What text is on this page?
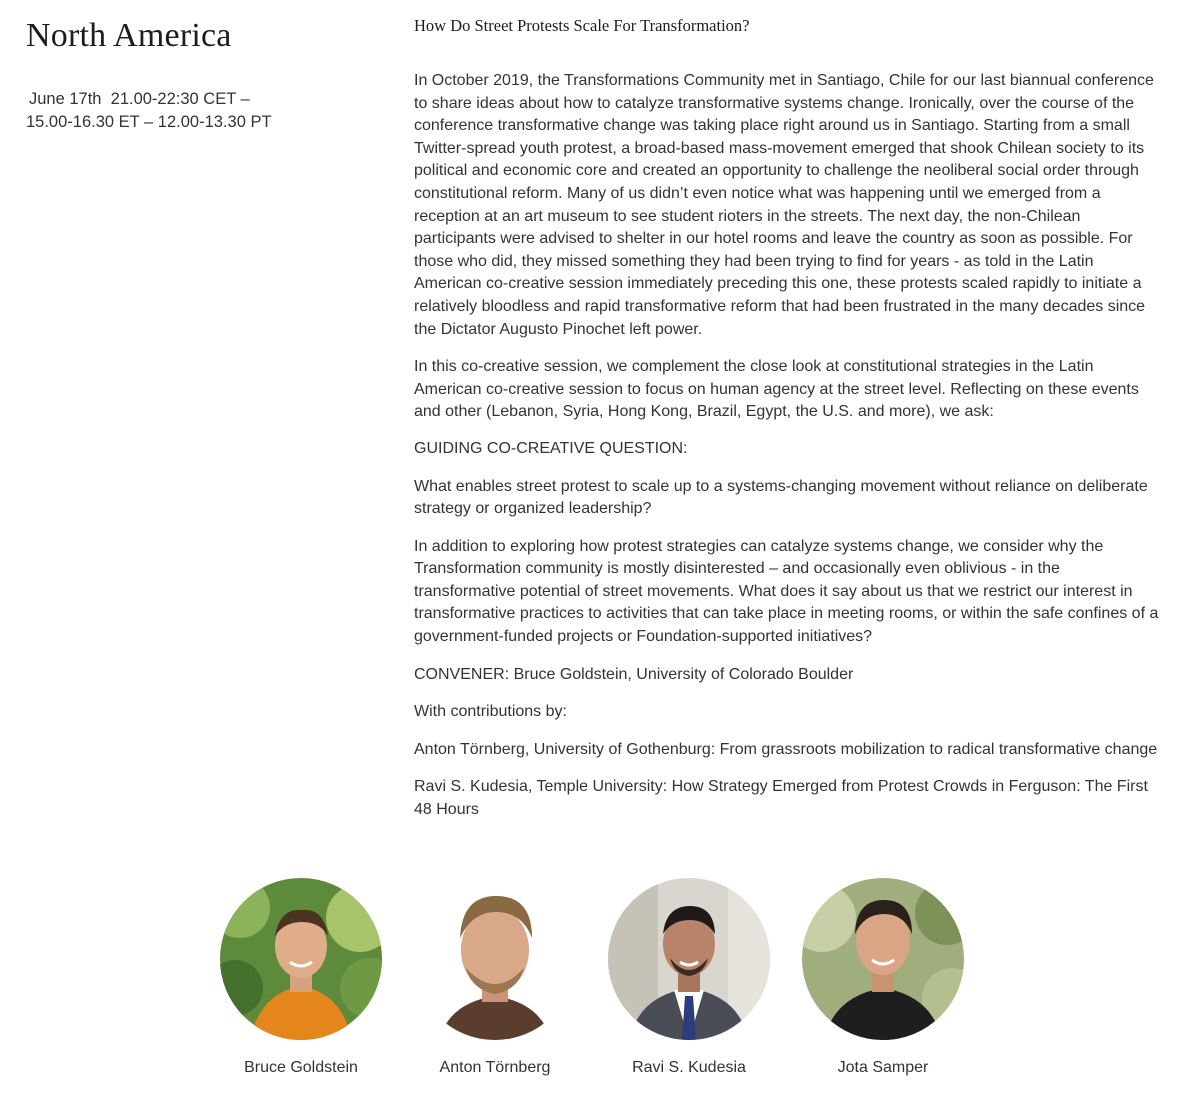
North America
June 17th  21.00-22:30 CET –
15.00-16.30 ET – 12.00-13.30 PT
How Do Street Protests Scale For Transformation?

In October 2019, the Transformations Community met in Santiago, Chile for our last biannual conference to share ideas about how to catalyze transformative systems change. Ironically, over the course of the conference transformative change was taking place right around us in Santiago. Starting from a small Twitter-spread youth protest, a broad-based mass-movement emerged that shook Chilean society to its political and economic core and created an opportunity to challenge the neoliberal social order through constitutional reform. Many of us didn’t even notice what was happening until we emerged from a reception at an art museum to see student rioters in the streets. The next day, the non-Chilean participants were advised to shelter in our hotel rooms and leave the country as soon as possible. For those who did, they missed something they had been trying to find for years - as told in the Latin American co-creative session immediately preceding this one, these protests scaled rapidly to initiate a relatively bloodless and rapid transformative reform that had been frustrated in the many decades since the Dictator Augusto Pinochet left power.

In this co-creative session, we complement the close look at constitutional strategies in the Latin American co-creative session to focus on human agency at the street level. Reflecting on these events and other (Lebanon, Syria, Hong Kong, Brazil, Egypt, the U.S. and more), we ask:

GUIDING CO-CREATIVE QUESTION:

What enables street protest to scale up to a systems-changing movement without reliance on deliberate strategy or organized leadership?

In addition to exploring how protest strategies can catalyze systems change, we consider why the Transformation community is mostly disinterested – and occasionally even oblivious - in the transformative potential of street movements. What does it say about us that we restrict our interest in transformative practices to activities that can take place in meeting rooms, or within the safe confines of a government-funded projects or Foundation-supported initiatives?

CONVENER: Bruce Goldstein, University of Colorado Boulder

With contributions by:

Anton Törnberg, University of Gothenburg: From grassroots mobilization to radical transformative change

Ravi S. Kudesia, Temple University: How Strategy Emerged from Protest Crowds in Ferguson: The First 48 Hours

Bruce Goldstein	Anton Törnberg	Ravi S. Kudesia	Jota Samper
